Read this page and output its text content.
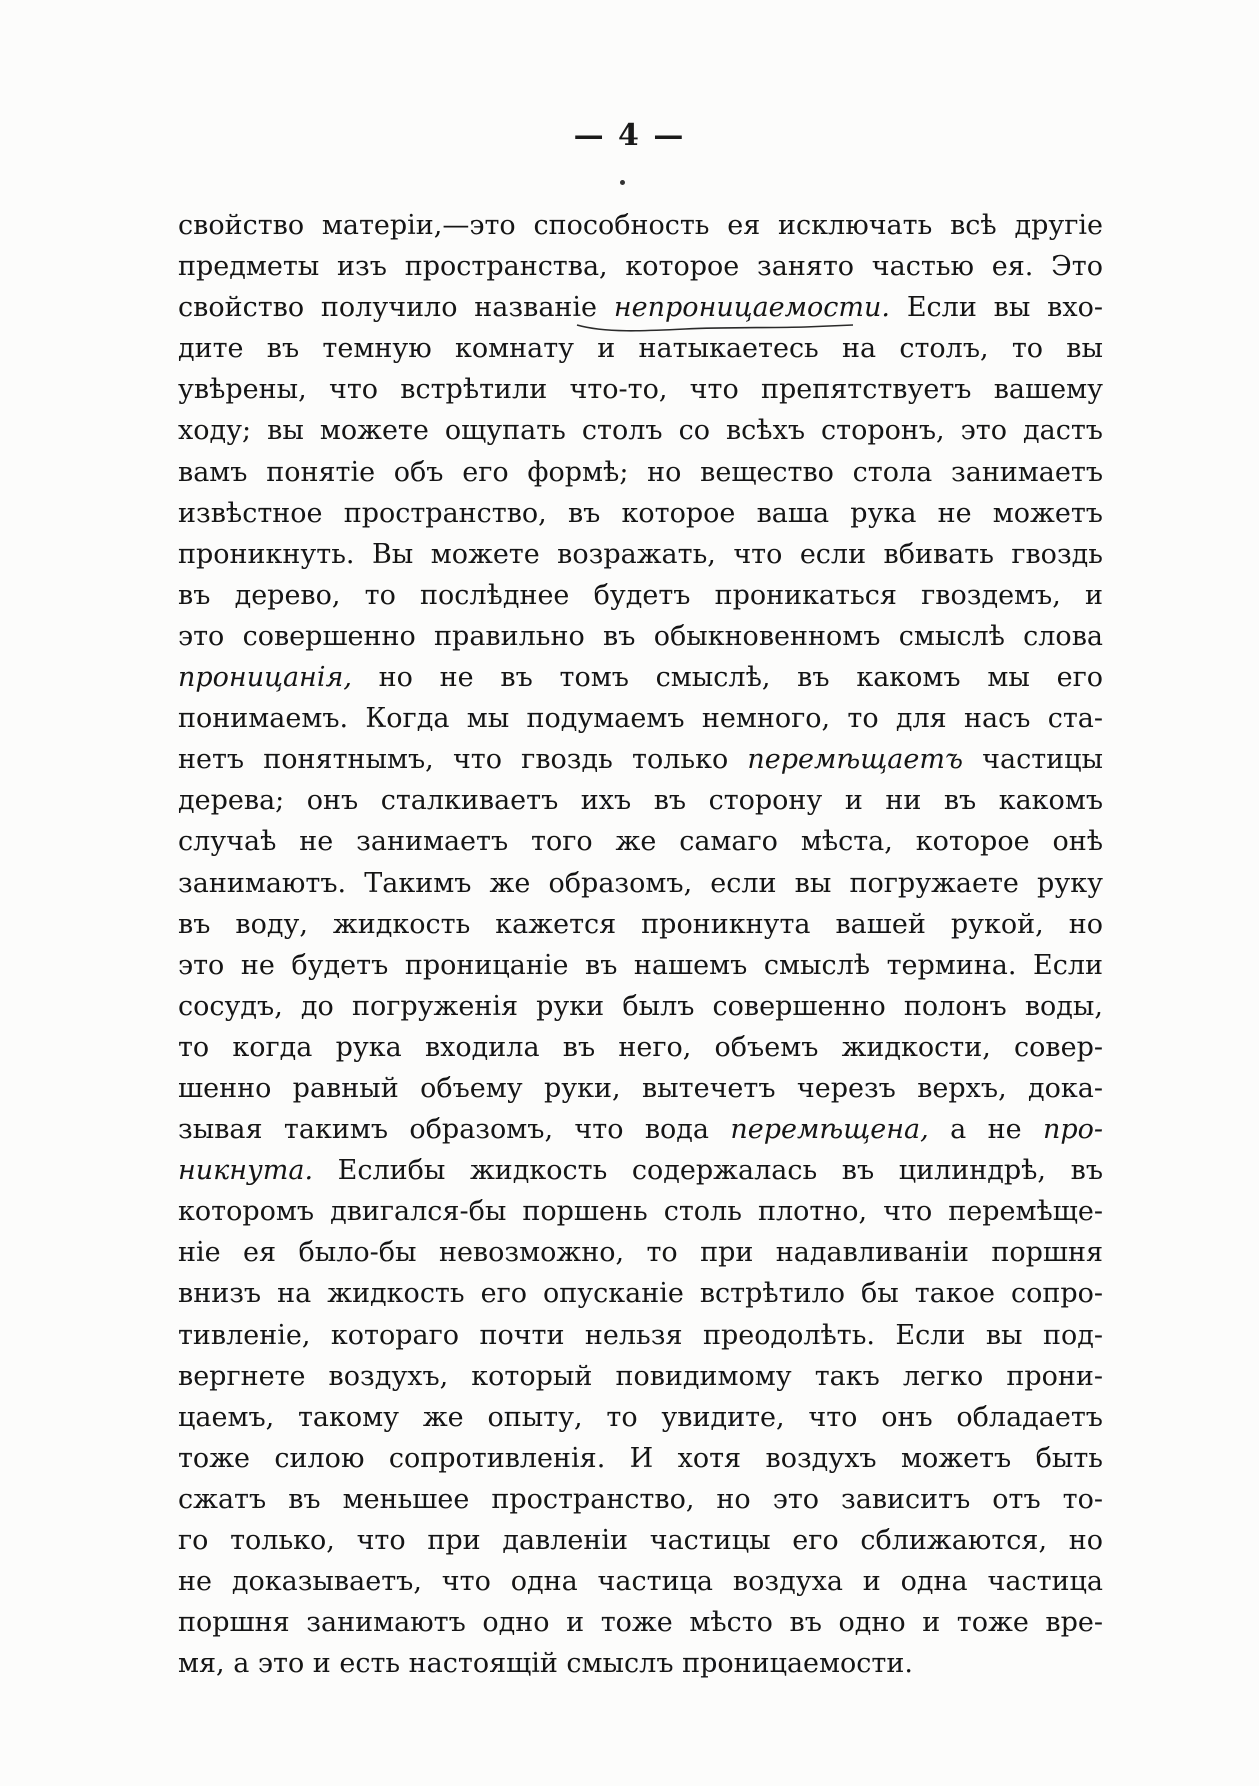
— 4 —
свойство матерiи,—это способность ея исключать всѣ другiе
предметы изъ пространства, которое занято частью ея. Это
свойство получило названiе непроницаемости. Если вы вхо-
дите въ темную комнату и натыкаетесь на столъ, то вы
увѣрены, что встрѣтили что-то, что препятствуетъ вашему
ходу; вы можете ощупать столъ со всѣхъ сторонъ, это дастъ
вамъ понятiе объ его формѣ; но вещество стола занимаетъ
извѣстное пространство, въ которое ваша рука не можетъ
проникнуть. Вы можете возражать, что если вбивать гвоздь
въ дерево, то послѣднее будетъ проникаться гвоздемъ, и
это совершенно правильно въ обыкновенномъ смыслѣ слова
проницанiя, но не въ томъ смыслѣ, въ какомъ мы его
понимаемъ. Когда мы подумаемъ немного, то для насъ ста-
нетъ понятнымъ, что гвоздь только перемѣщаетъ частицы
дерева; онъ сталкиваетъ ихъ въ сторону и ни въ какомъ
случаѣ не занимаетъ того же самаго мѣста, которое онѣ
занимаютъ. Такимъ же образомъ, если вы погружаете руку
въ воду, жидкость кажется проникнута вашей рукой, но
это не будетъ проницанiе въ нашемъ смыслѣ термина. Если
сосудъ, до погруженiя руки былъ совершенно полонъ воды,
то когда рука входила въ него, объемъ жидкости, совер-
шенно равный объему руки, вытечетъ черезъ верхъ, дока-
зывая такимъ образомъ, что вода перемѣщена, а не про-
никнута. Еслибы жидкость содержалась въ цилиндрѣ, въ
которомъ двигался-бы поршень столь плотно, что перемѣще-
нiе ея было-бы невозможно, то при надавливанiи поршня
внизъ на жидкость его опусканiе встрѣтило бы такое сопро-
тивленiе, котораго почти нельзя преодолѣть. Если вы под-
вергнете воздухъ, который повидимому такъ легко прони-
цаемъ, такому же опыту, то увидите, что онъ обладаетъ
тоже силою сопротивленiя. И хотя воздухъ можетъ быть
сжатъ въ меньшее пространство, но это зависитъ отъ то-
го только, что при давленiи частицы его сближаются, но
не доказываетъ, что одна частица воздуха и одна частица
поршня занимаютъ одно и тоже мѣсто въ одно и тоже вре-
мя, а это и есть настоящiй смыслъ проницаемости.
